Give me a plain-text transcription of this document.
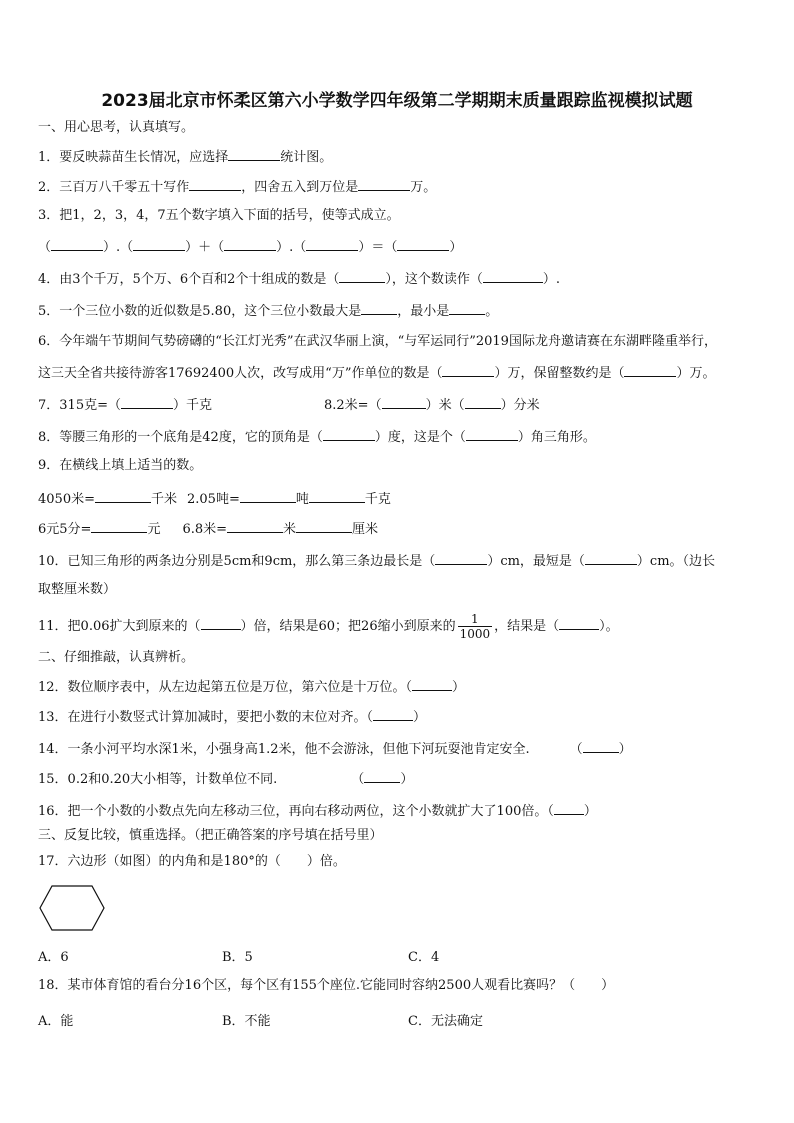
2023届北京市怀柔区第六小学数学四年级第二学期期末质量跟踪监视模拟试题
一、用心思考，认真填写。
1．要反映蒜苗生长情况，应选择	统计图。
2．三百万八千零五十写作	，四舍五入到万位是	万。
3．把1，2，3，4，7五个数字填入下面的括号，使等式成立。
（	）.（	）＋（	）.（	）＝（	）
4．由3个千万，5个万、6个百和2个十组成的数是（	），这个数读作（	）.
5．一个三位小数的近似数是5.80，这个三位小数最大是	，最小是	。
6．今年端午节期间气势磅礴的“长江灯光秀”在武汉华丽上演，“与军运同行”2019国际龙舟邀请赛在东湖畔隆重举行，
这三天全省共接待游客17692400人次，改写成用“万”作单位的数是（	）万，保留整数约是（	）万。
7．315克=（	）千克	8.2米=（	）米（	）分米
8．等腰三角形的一个底角是42度，它的顶角是（	）度，这是个（	）角三角形。
9．在横线上填上适当的数。
4050米=	千米 2.05吨=	吨	千克
6元5分=	元 6.8米=	米	厘米
10．已知三角形的两条边分别是5cm和9cm，那么第三条边最长是（	）cm，最短是（	）cm。（边长
取整厘米数）
11．把0.06扩大到原来的（	）倍，结果是60；把26缩小到原来的 $\frac{1}{1000}$ ，结果是（	）。
二、仔细推敲，认真辨析。
12．数位顺序表中，从左边起第五位是万位，第六位是十万位。（	）
13．在进行小数竖式计算加减时，要把小数的末位对齐。（	）
14．一条小河平均水深1米，小强身高1.2米，他不会游泳，但他下河玩耍池肯定安全.	（	）
15．0.2和0.20大小相等，计数单位不同.	（	）
16．把一个小数的小数点先向左移动三位，再向右移动两位，这个小数就扩大了100倍。（ ）
三、反复比较，慎重选择。（把正确答案的序号填在括号里）
17．六边形（如图）的内角和是180°的（　　）倍。
A．6	B．5	C．4
18．某市体育馆的看台分16个区，每个区有155个座位.它能同时容纳2500人观看比赛吗？（　　）
A．能	B．不能	C．无法确定
